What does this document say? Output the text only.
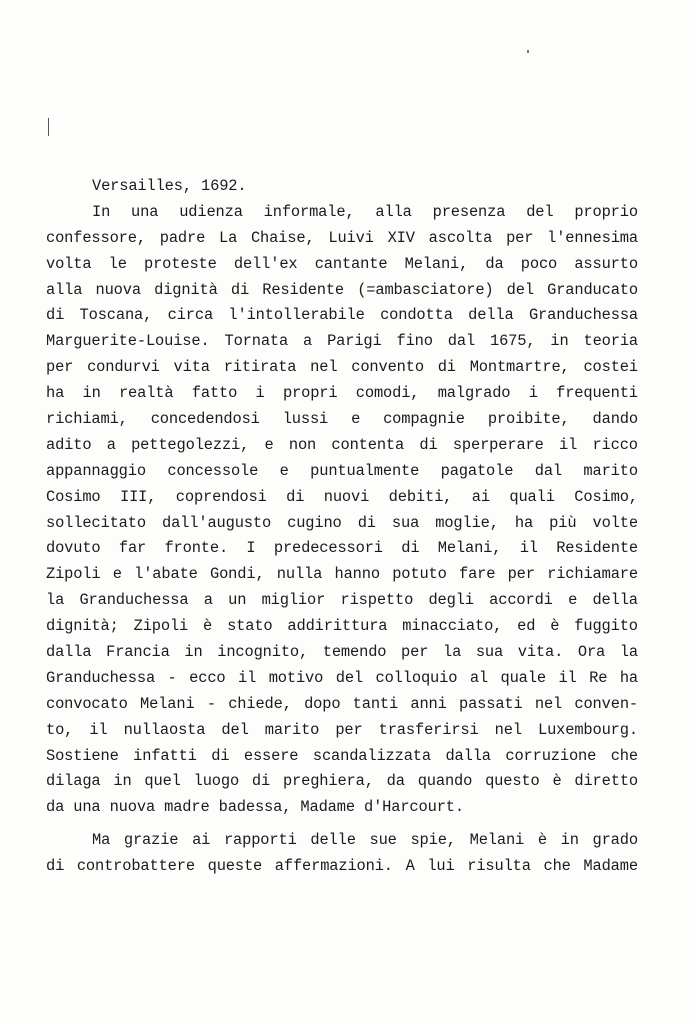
Versailles, 1692.
In una udienza informale, alla presenza del proprio
confessore, padre La Chaise, Luivi XIV ascolta per l'ennesima
volta le proteste dell'ex cantante Melani, da poco assurto
alla nuova dignità di Residente (=ambasciatore) del Granducato
di Toscana, circa l'intollerabile condotta della Granduchessa
Marguerite-Louise. Tornata a Parigi fino dal 1675, in teoria
per condurvi vita ritirata nel convento di Montmartre, costei
ha in realtà fatto i propri comodi, malgrado i frequenti
richiami, concedendosi lussi e compagnie proibite, dando
adito a pettegolezzi, e non contenta di sperperare il ricco
appannaggio concessole e puntualmente pagatole dal marito
Cosimo III, coprendosi di nuovi debiti, ai quali Cosimo,
sollecitato dall'augusto cugino di sua moglie, ha più volte
dovuto far fronte. I predecessori di Melani, il Residente
Zipoli e l'abate Gondi, nulla hanno potuto fare per richiamare
la Granduchessa a un miglior rispetto degli accordi e della
dignità; Zipoli è stato addirittura minacciato, ed è fuggito
dalla Francia in incognito, temendo per la sua vita. Ora la
Granduchessa - ecco il motivo del colloquio al quale il Re ha
convocato Melani - chiede, dopo tanti anni passati nel conven-
to, il nullaosta del marito per trasferirsi nel Luxembourg.
Sostiene infatti di essere scandalizzata dalla corruzione che
dilaga in quel luogo di preghiera, da quando questo è diretto
da una nuova madre badessa, Madame d'Harcourt.
Ma grazie ai rapporti delle sue spie, Melani è in grado
di controbattere queste affermazioni. A lui risulta che Madame
